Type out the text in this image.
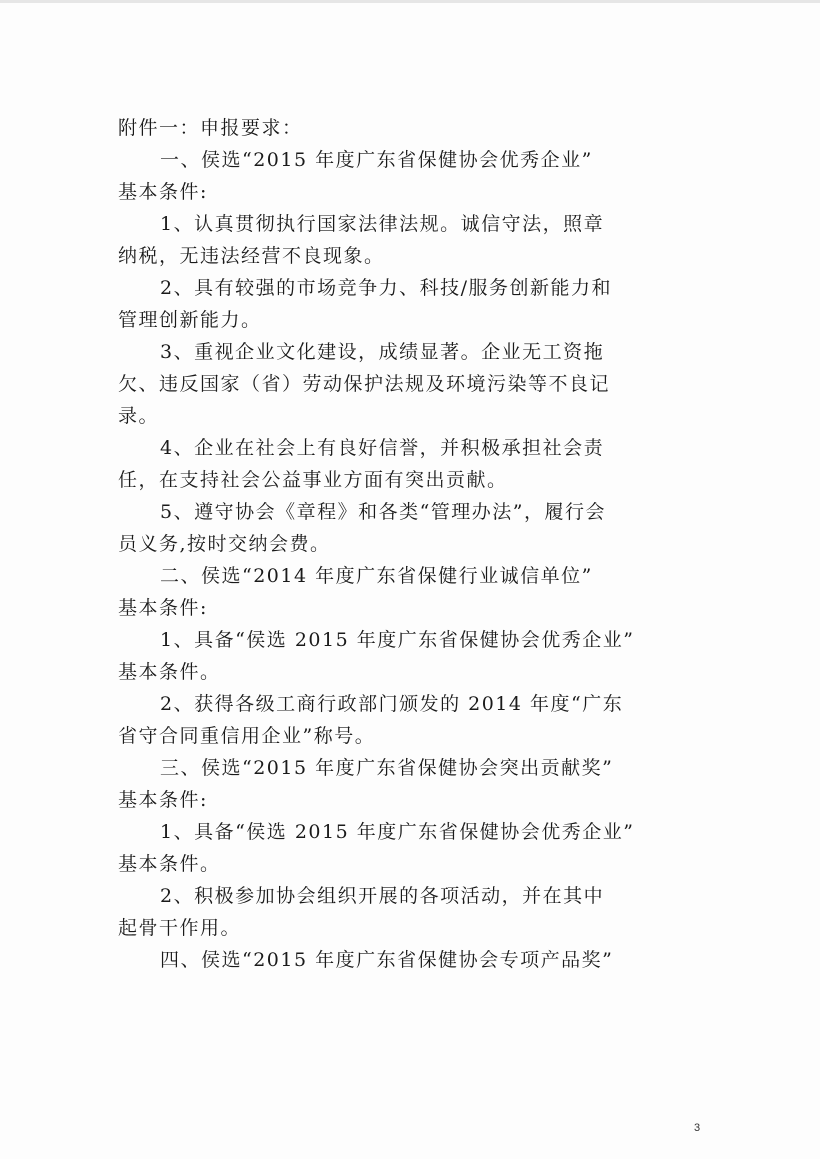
附件一：申报要求：

一、侯选“2015 年度广东省保健协会优秀企业”

基本条件:

1、认真贯彻执行国家法律法规。诚信守法，照章

纳税，无违法经营不良现象。

2、具有较强的市场竞争力、科技/服务创新能力和

管理创新能力。

3、重视企业文化建设，成绩显著。企业无工资拖

欠、违反国家（省）劳动保护法规及环境污染等不良记

录。

4、企业在社会上有良好信誉，并积极承担社会责

任，在支持社会公益事业方面有突出贡献。

5、遵守协会《章程》和各类“管理办法”，履行会

员义务,按时交纳会费。

二、侯选“2014 年度广东省保健行业诚信单位”

基本条件:

1、具备“侯选 2015 年度广东省保健协会优秀企业”

基本条件。

2、获得各级工商行政部门颁发的 2014 年度“广东

省守合同重信用企业”称号。

三、侯选“2015 年度广东省保健协会突出贡献奖”

基本条件:

1、具备“侯选 2015 年度广东省保健协会优秀企业”

基本条件。

2、积极参加协会组织开展的各项活动，并在其中

起骨干作用。

四、侯选“2015 年度广东省保健协会专项产品奖”

3
